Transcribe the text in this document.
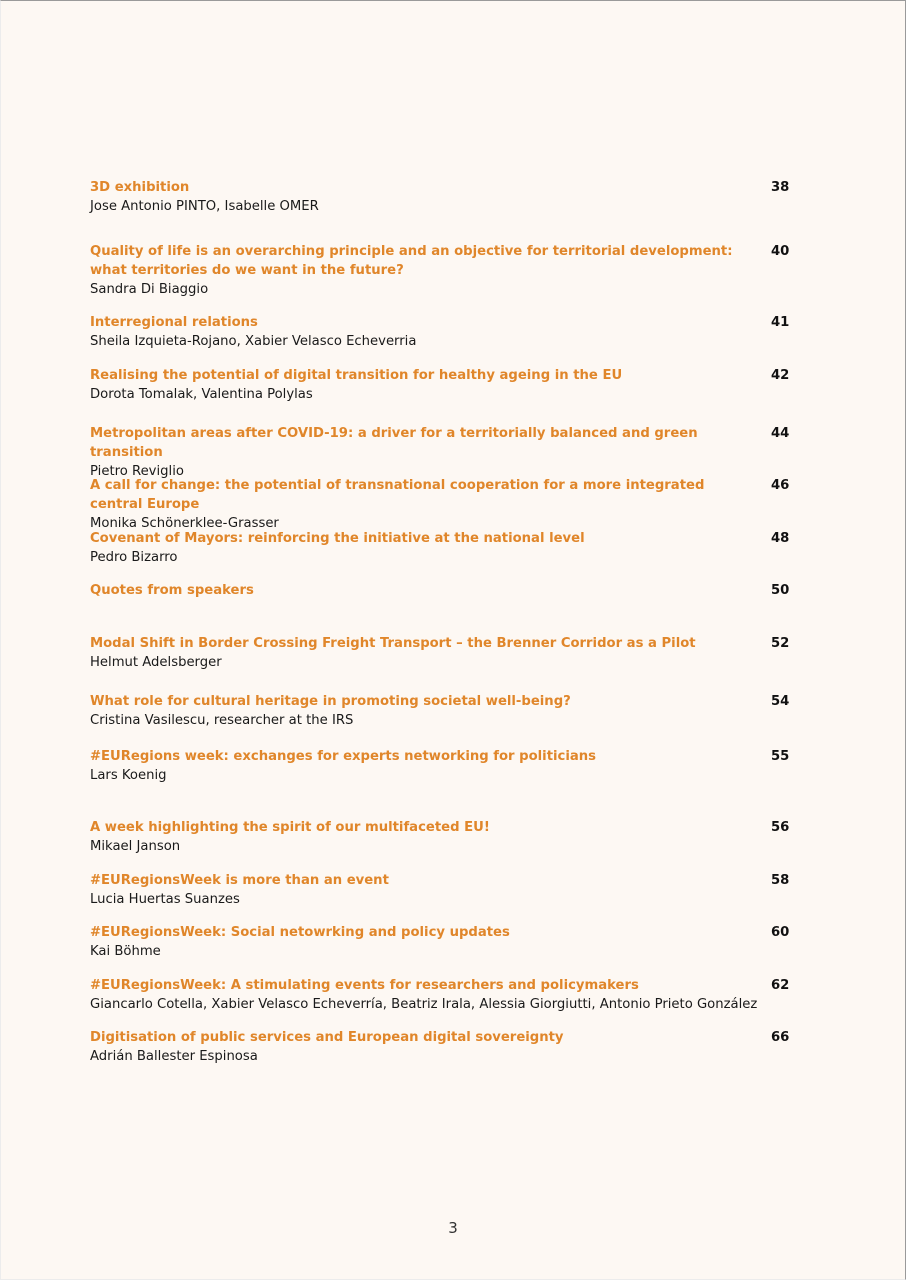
3D exhibition
Jose Antonio PINTO, Isabelle OMER
38
Quality of life is an overarching principle and an objective for territorial development: what territories do we want in the future?
Sandra Di Biaggio
40
Interregional relations
Sheila Izquieta-Rojano, Xabier Velasco Echeverria
41
Realising the potential of digital transition for healthy ageing in the EU
Dorota Tomalak, Valentina Polylas
42
Metropolitan areas after COVID-19: a driver for a territorially balanced and green transition
Pietro Reviglio
44
A call for change: the potential of transnational cooperation for a more integrated central Europe
Monika Schönerklee-Grasser
46
Covenant of Mayors: reinforcing the initiative at the national level
Pedro Bizarro
48
Quotes from speakers	50
Modal Shift in Border Crossing Freight Transport – the Brenner Corridor as a Pilot
Helmut Adelsberger
52
What role for cultural heritage in promoting societal well-being?
Cristina Vasilescu, researcher at the IRS
54
#EURegions week: exchanges for experts networking for politicians
Lars Koenig
55
A week highlighting the spirit of our multifaceted EU!
Mikael Janson
56
#EURegionsWeek is more than an event
Lucia Huertas Suanzes
58
#EURegionsWeek: Social netowrking and policy updates
Kai Böhme
60
#EURegionsWeek: A stimulating events for researchers and policymakers
Giancarlo Cotella, Xabier Velasco Echeverría, Beatriz Irala, Alessia Giorgiutti, Antonio Prieto González
62
Digitisation of public services and European digital sovereignty
Adrián Ballester Espinosa
66
3
